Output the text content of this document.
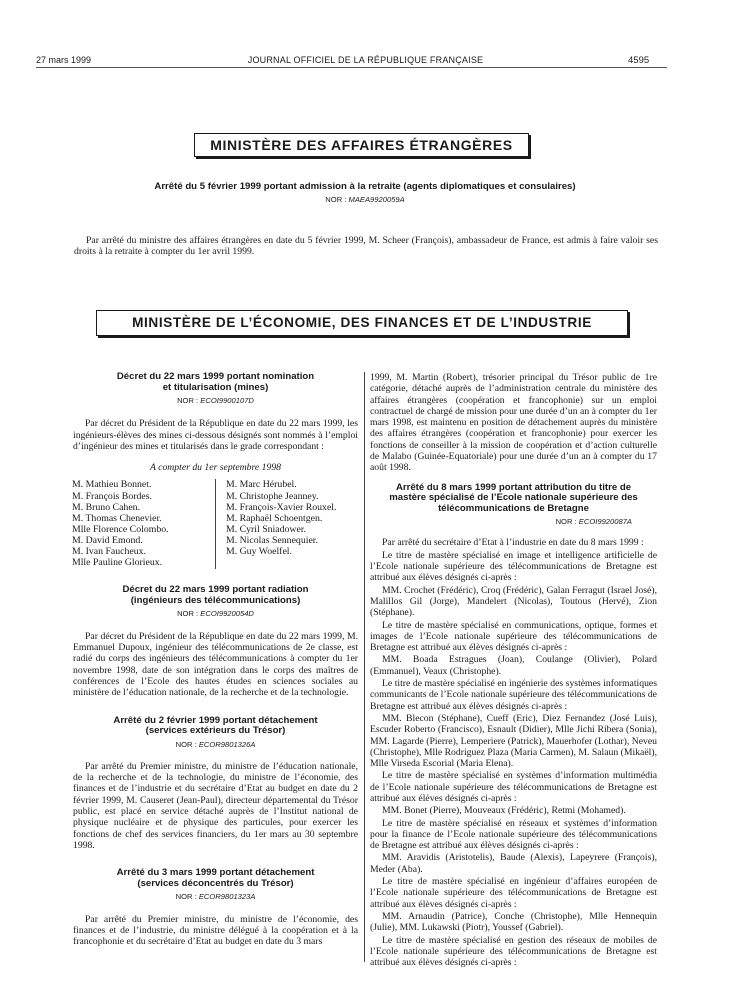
27 mars 1999	JOURNAL OFFICIEL DE LA RÉPUBLIQUE FRANÇAISE	4595
MINISTÈRE DES AFFAIRES ÉTRANGÈRES
Arrêté du 5 février 1999 portant admission à la retraite (agents diplomatiques et consulaires)
NOR : MAEA9920059A

Par arrêté du ministre des affaires étrangères en date du 5 février 1999, M. Scheer (François), ambassadeur de France, est admis à faire valoir ses droits à la retraite à compter du 1er avril 1999.

MINISTÈRE DE L’ÉCONOMIE, DES FINANCES ET DE L’INDUSTRIE
Décret du 22 mars 1999 portant nomination
et titularisation (mines)
NOR : ECOI9900107D

Par décret du Président de la République en date du 22 mars 1999, les ingénieurs-élèves des mines ci-dessous désignés sont nommés à l’emploi d’ingénieur des mines et titularisés dans le grade correspondant :

A compter du 1er septembre 1998
M. Mathieu Bonnet.
M. François Bordes.
M. Bruno Cahen.
M. Thomas Chenevier.
Mlle Florence Colombo.
M. David Emond.
M. Ivan Faucheux.
Mlle Pauline Glorieux.
M. Marc Hérubel.
M. Christophe Jeanney.
M. François-Xavier Rouxel.
M. Raphaël Schoentgen.
M. Cyril Sniadower.
M. Nicolas Sennequier.
M. Guy Woelfel.
Décret du 22 mars 1999 portant radiation
(ingénieurs des télécommunications)
NOR : ECOI9920054D

Par décret du Président de la République en date du 22 mars 1999, M. Emmanuel Dupoux, ingénieur des télécommunications de 2e classe, est radié du corps des ingénieurs des télécommunications à compter du 1er novembre 1998, date de son intégration dans le corps des maîtres de conférences de l’Ecole des hautes études en sciences sociales au ministère de l’éducation nationale, de la recherche et de la technologie.

Arrêté du 2 février 1999 portant détachement
(services extérieurs du Trésor)
NOR : ECOR9801326A

Par arrêté du Premier ministre, du ministre de l’éducation nationale, de la recherche et de la technologie, du ministre de l’économie, des finances et de l’industrie et du secrétaire d’Etat au budget en date du 2 février 1999, M. Causeret (Jean-Paul), directeur départemental du Trésor public, est placé en service détaché auprès de l’Institut national de physique nucléaire et de physique des particules, pour exercer les fonctions de chef des services financiers, du 1er mars au 30 septembre 1998.

Arrêté du 3 mars 1999 portant détachement
(services déconcentrés du Trésor)
NOR : ECOR9801323A

Par arrêté du Premier ministre, du ministre de l’économie, des finances et de l’industrie, du ministre délégué à la coopération et à la francophonie et du secrétaire d’Etat au budget en date du 3 mars

1999, M. Martin (Robert), trésorier principal du Trésor public de 1re catégorie, détaché auprès de l’administration centrale du ministère des affaires étrangères (coopération et francophonie) sur un emploi contractuel de chargé de mission pour une durée d’un an à compter du 1er mars 1998, est maintenu en position de détachement auprès du ministère des affaires étrangères (coopération et francophonie) pour exercer les fonctions de conseiller à la mission de coopération et d’action culturelle de Malabo (Guinée-Equatoriale) pour une durée d’un an à compter du 17 août 1998.

Arrêté du 8 mars 1999 portant attribution du titre de
mastère spécialisé de l’Ecole nationale supérieure des
télécommunications de Bretagne
NOR : ECOI9920087A

Par arrêté du secrétaire d’Etat à l’industrie en date du 8 mars 1999 :

Le titre de mastère spécialisé en image et intelligence artificielle de l’Ecole nationale supérieure des télécommunications de Bretagne est attribué aux élèves désignés ci-après :

MM. Crochet (Frédéric), Croq (Frédéric), Galan Ferragut (Israel José), Malillos Gil (Jorge), Mandelert (Nicolas), Toutous (Hervé), Zion (Stéphane).

Le titre de mastère spécialisé en communications, optique, formes et images de l’Ecole nationale supérieure des télécommunications de Bretagne est attribué aux élèves désignés ci-après :

MM. Boada Estragues (Joan), Coulange (Olivier), Polard (Emmanuel), Veaux (Christophe).

Le titre de mastère spécialisé en ingénierie des systèmes informatiques communicants de l’Ecole nationale supérieure des télécommunications de Bretagne est attribué aux élèves désignés ci-après :

MM. Blecon (Stéphane), Cueff (Eric), Diez Fernandez (José Luis), Escuder Roberto (Francisco), Esnault (Didier), Mlle Jichi Ribera (Sonia), MM. Lagarde (Pierre), Lemperiere (Patrick), Mauerhofer (Lothar), Neveu (Christophe), Mlle Rodriguez Plaza (Maria Carmen), M. Salaun (Mikaël), Mlle Virseda Escorial (Maria Elena).

Le titre de mastère spécialisé en systèmes d’information multimédia de l’Ecole nationale supérieure des télécommunications de Bretagne est attribué aux élèves désignés ci-après :

MM. Bonet (Pierre), Mouveaux (Frédéric), Retmi (Mohamed).

Le titre de mastère spécialisé en réseaux et systèmes d’information pour la finance de l’Ecole nationale supérieure des télécommunications de Bretagne est attribué aux élèves désignés ci-après :

MM. Aravidis (Aristotelis), Baude (Alexis), Lapeyrere (François), Meder (Aba).

Le titre de mastère spécialisé en ingénieur d’affaires européen de l’Ecole nationale supérieure des télécommunications de Bretagne est attribué aux élèves désignés ci-après :

MM. Arnaudin (Patrice), Conche (Christophe), Mlle Hennequin (Julie), MM. Lukawski (Piotr), Youssef (Gabriel).

Le titre de mastère spécialisé en gestion des réseaux de mobiles de l’Ecole nationale supérieure des télécommunications de Bretagne est attribué aux élèves désignés ci-après :
